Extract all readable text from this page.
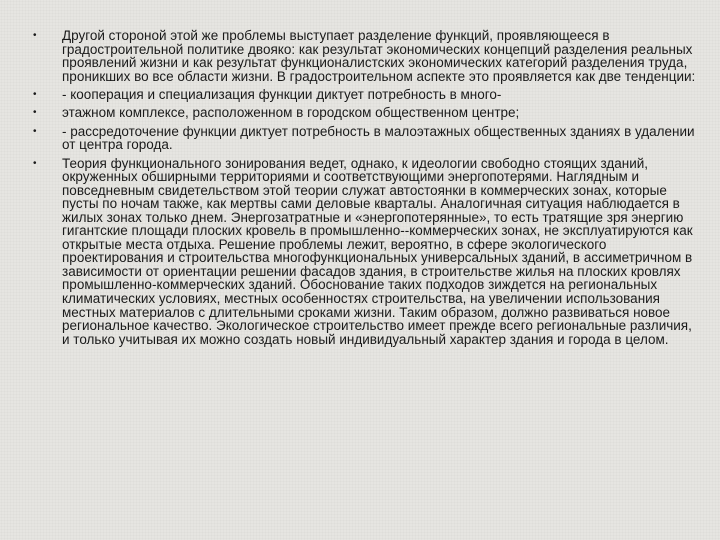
• Другой стороной этой же проблемы выступает разделение функций, проявляющееся в градостроительной политике двояко: как результат экономических концепций разделения реальных проявлений жизни и как результат функционалистских экономических категорий разделения труда, проникших во все области жизни. В градостроительном аспекте это проявляется как две тенденции:
• - кооперация и специализация функции диктует потребность в много-
• этажном комплексе, расположенном в городском общественном центре;
• - рассредоточение функции диктует потребность в малоэтажных общественных зданиях в удалении от центра города.
• Теория функционального зонирования ведет, однако, к идеологии свободно стоящих зданий, окруженных обширными территориями и соответствующими энергопотерями. Наглядным и повседневным свидетельством этой теории служат автостоянки в коммерческих зонах, которые пусты по ночам также, как мертвы сами деловые кварталы. Аналогичная ситуация наблюдается в жилых зонах только днем. Энергозатратные и «энергопотерянные», то есть тратящие зря энергию гигантские площади плоских кровель в промышленно--коммерческих зонах, не эксплуатируются как открытые места отдыха. Решение проблемы лежит, вероятно, в сфере экологического проектирования и строительства многофункциональных универсальных зданий, в ассиметричном в зависимости от ориентации решении фасадов здания, в строительстве жилья на плоских кровлях промышленно-коммерческих зданий. Обоснование таких подходов зиждется на региональных климатических условиях, местных особенностях строительства, на увеличении использования местных материалов с длительными сроками жизни. Таким образом, должно развиваться новое региональное качество. Экологическое строительство имеет прежде всего региональные различия, и только учитывая их можно создать новый индивидуальный характер здания и города в целом.
